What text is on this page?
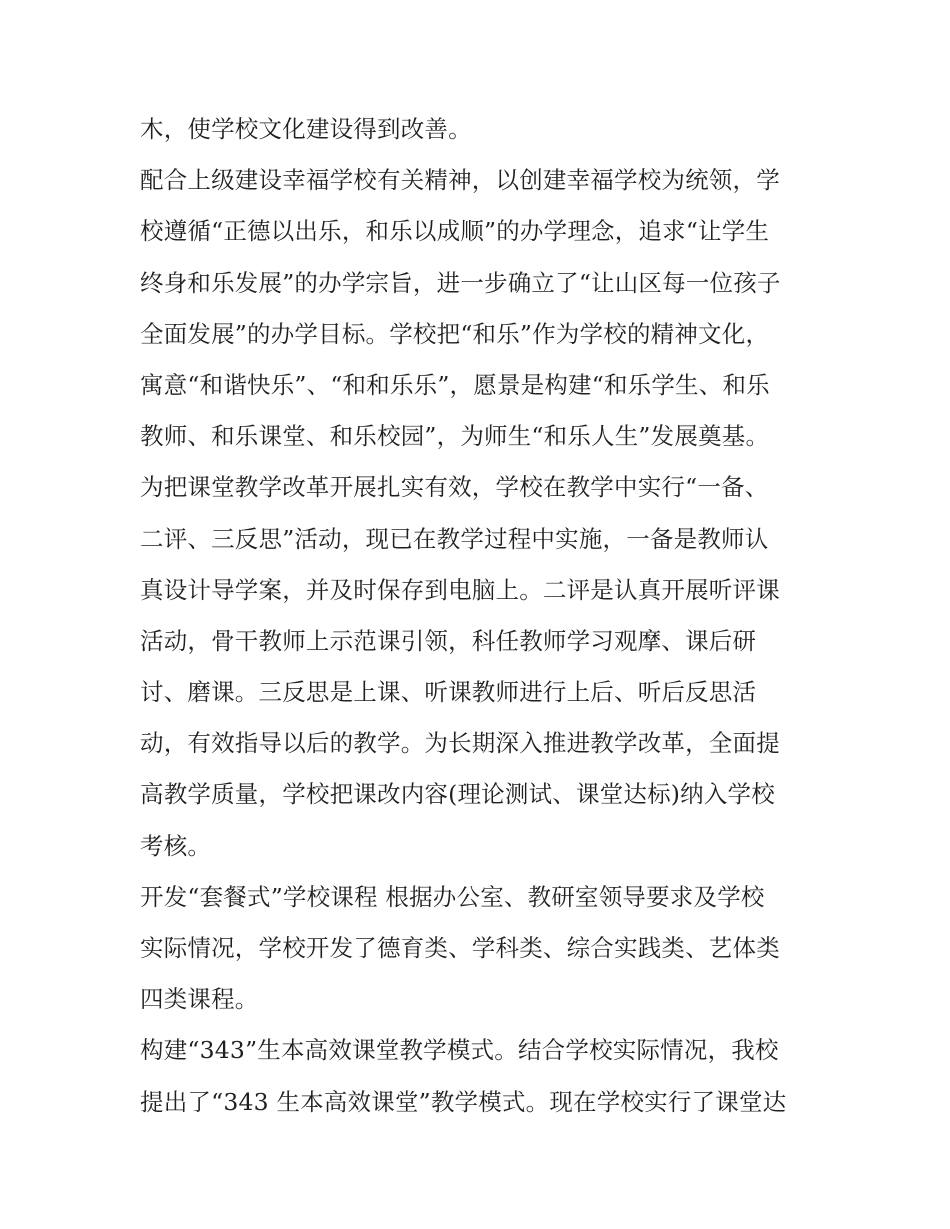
木，使学校文化建设得到改善。
配合上级建设幸福学校有关精神，以创建幸福学校为统领，学
校遵循“正德以出乐，和乐以成顺”的办学理念，追求“让学生
终身和乐发展”的办学宗旨，进一步确立了“让山区每一位孩子
全面发展”的办学目标。学校把“和乐”作为学校的精神文化，
寓意“和谐快乐”、“和和乐乐”，愿景是构建“和乐学生、和乐
教师、和乐课堂、和乐校园”，为师生“和乐人生”发展奠基。
为把课堂教学改革开展扎实有效，学校在教学中实行“一备、
二评、三反思”活动，现已在教学过程中实施，一备是教师认
真设计导学案，并及时保存到电脑上。二评是认真开展听评课
活动，骨干教师上示范课引领，科任教师学习观摩、课后研
讨、磨课。三反思是上课、听课教师进行上后、听后反思活
动，有效指导以后的教学。为长期深入推进教学改革，全面提
高教学质量，学校把课改内容(理论测试、课堂达标)纳入学校
考核。
开发“套餐式”学校课程 根据办公室、教研室领导要求及学校
实际情况，学校开发了德育类、学科类、综合实践类、艺体类
四类课程。
构建“343”生本高效课堂教学模式。结合学校实际情况，我校
提出了“343 生本高效课堂”教学模式。现在学校实行了课堂达
